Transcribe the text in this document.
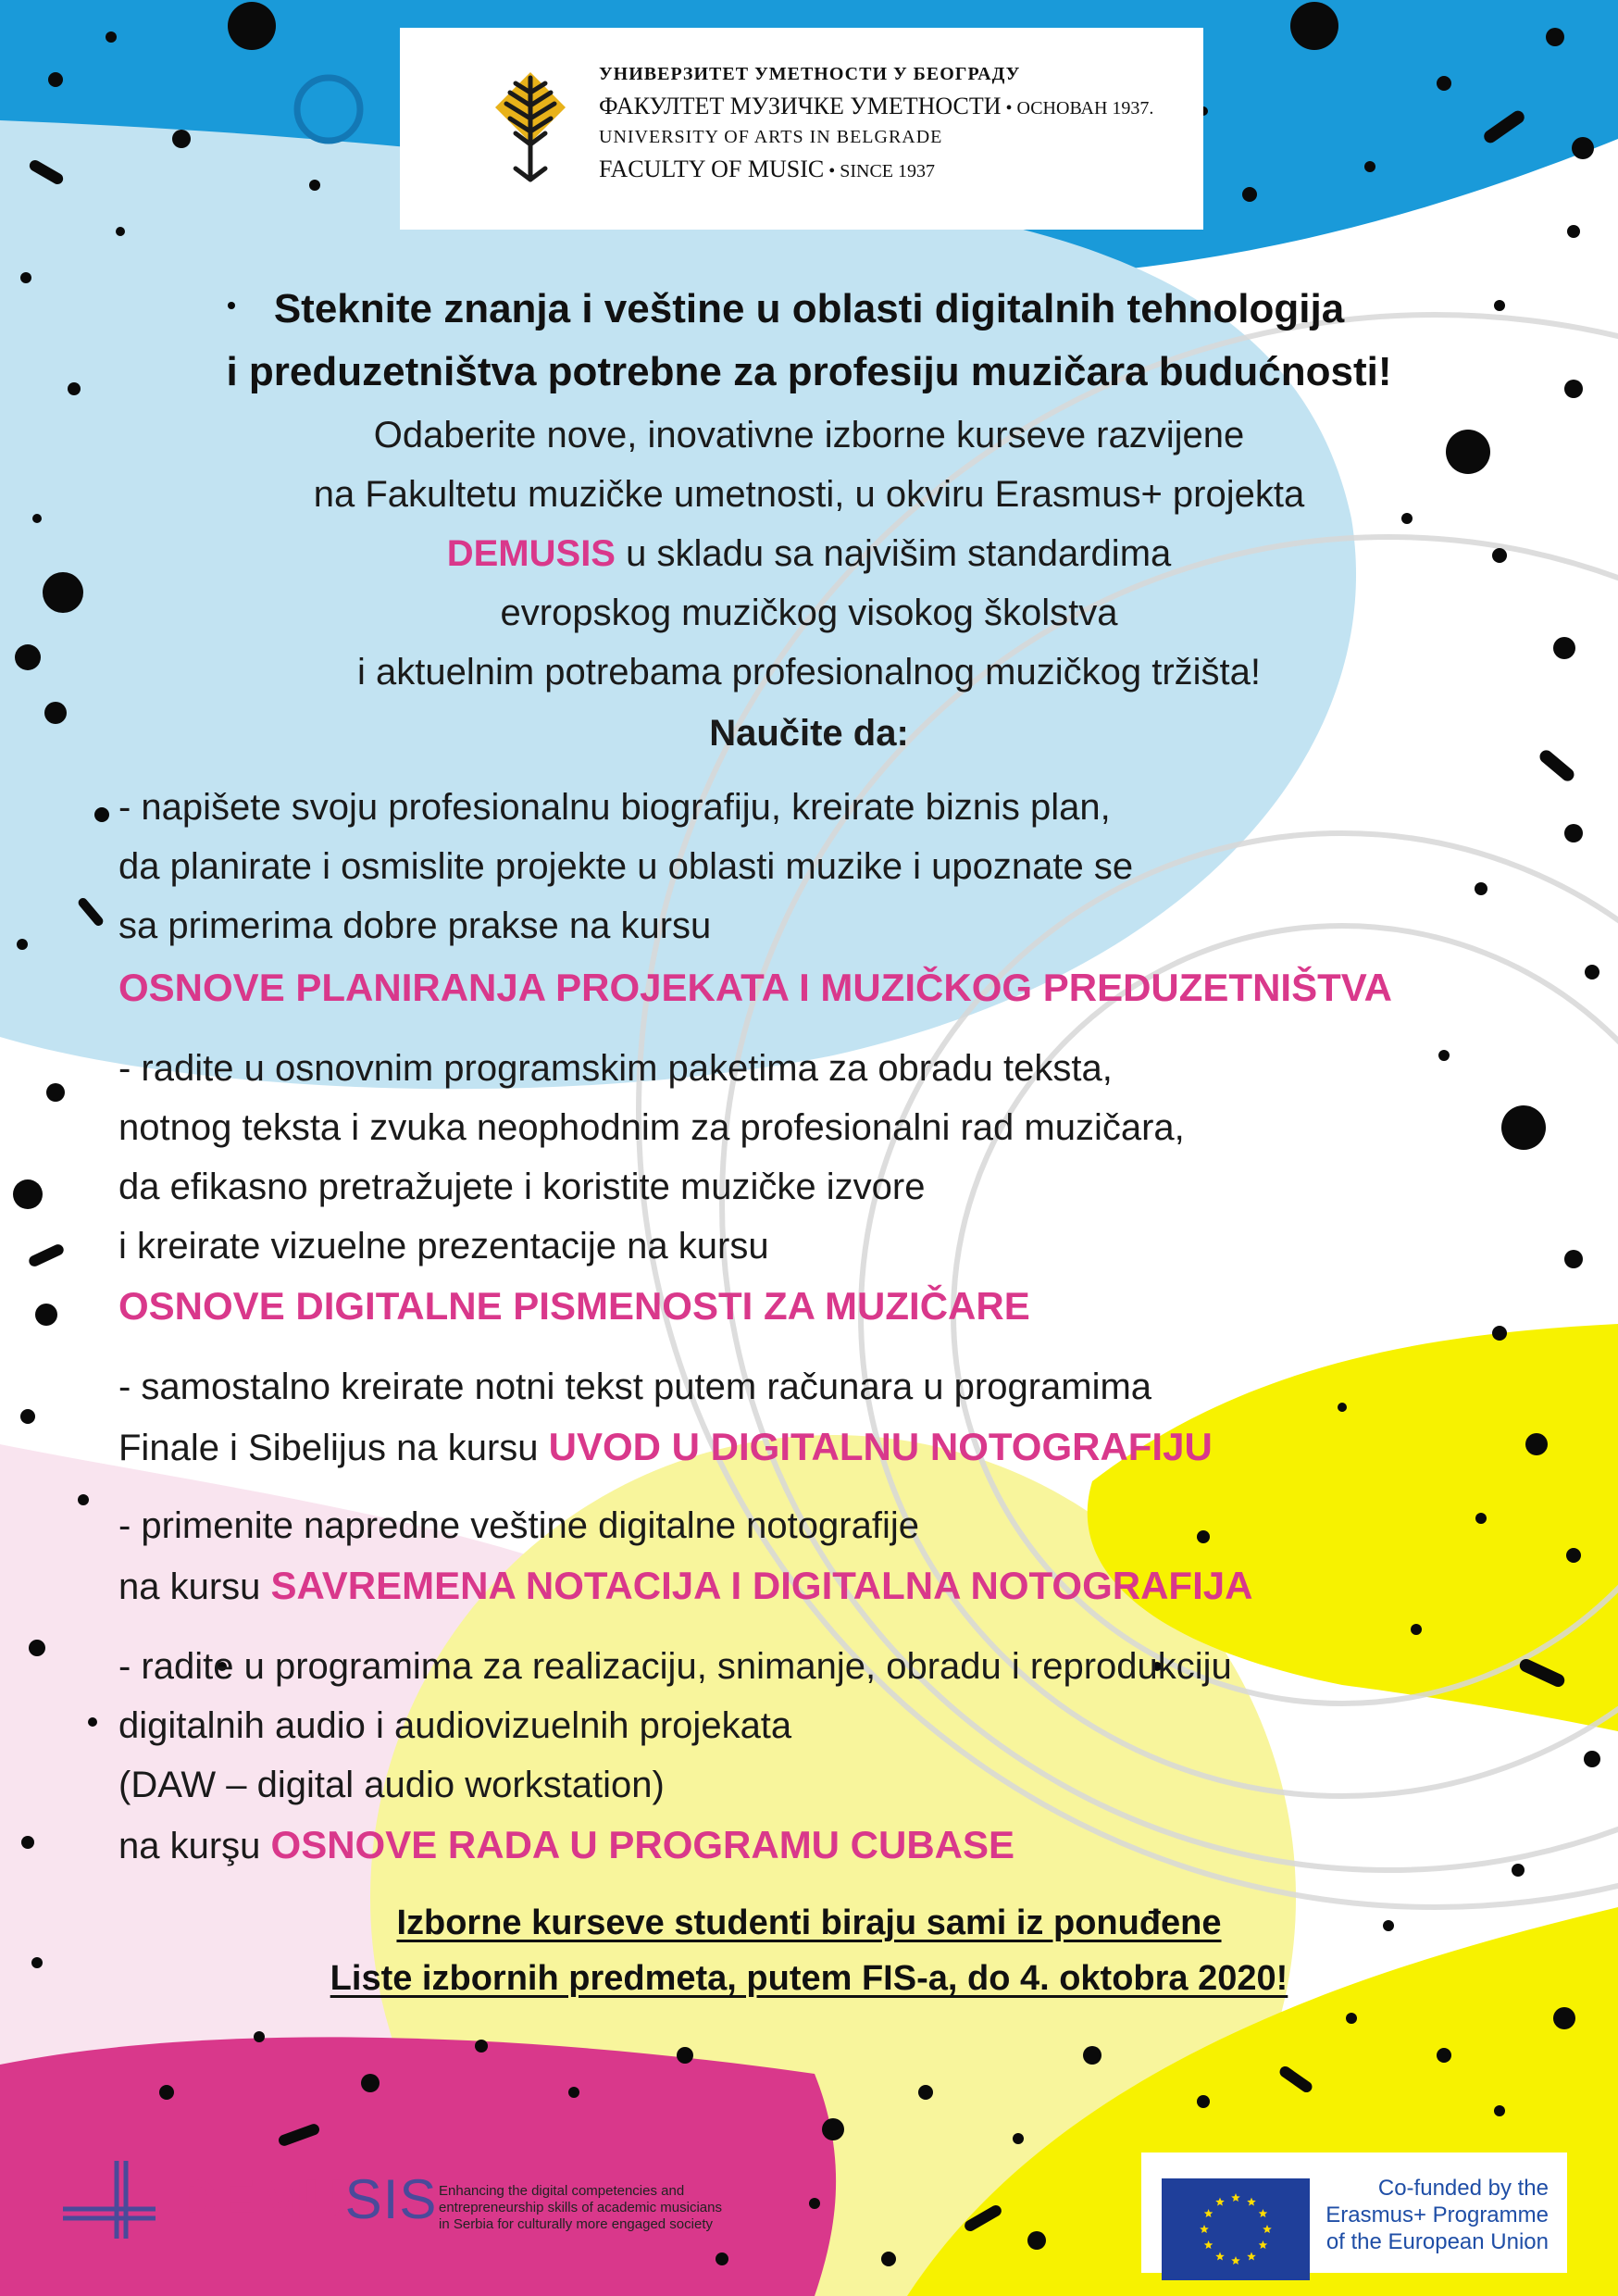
УНИВЕРЗИТЕТ УМЕТНОСТИ У БЕОГРАДУ
ФАКУЛТЕТ МУЗИЧКЕ УМЕТНОСТИ • ОСНОВАН 1937.
UNIVERSITY OF ARTS IN BELGRADE
FACULTY OF MUSIC • SINCE 1937
Steknite znanja i veštine u oblasti digitalnih tehnologija
i preduzetništva potrebne za profesiju muzičara budućnosti!
Odaberite nove, inovativne izborne kurseve razvijene
na Fakultetu muzičke umetnosti, u okviru Erasmus+ projekta
DEMUSIS u skladu sa najvišim standardima
evropskog muzičkog visokog školstva
i aktuelnim potrebama profesionalnog muzičkog tržišta!
Naučite da:
- napišete svoju profesionalnu biografiju, kreirate biznis plan,
da planirate i osmislite projekte u oblasti muzike i upoznate se
sa primerima dobre prakse na kursu
OSNOVE PLANIRANJA PROJEKATA I MUZIČKOG PREDUZETNIŠTVA
- radite u osnovnim programskim paketima za obradu teksta,
notnog teksta i zvuka neophodnim za profesionalni rad muzičara,
da efikasno pretražujete i koristite muzičke izvore
i kreirate vizuelne prezentacije na kursu
OSNOVE DIGITALNE PISMENOSTI ZA MUZIČARE
- samostalno kreirate notni tekst putem računara u programima
Finale i Sibelijus na kursu UVOD U DIGITALNU NOTOGRAFIJU
- primenite napredne veštine digitalne notografije
na kursu SAVREMENA NOTACIJA I DIGITALNA NOTOGRAFIJA
- radite u programima za realizaciju, snimanje, obradu i reprodukciju
digitalnih audio i audiovizuelnih projekata
(DAW – digital audio workstation)
na kurşu OSNOVE RADA U PROGRAMU CUBASE
Izborne kurseve studenti biraju sami iz ponuđene
Liste izbornih predmeta, putem FIS-a, do 4. oktobra 2020!
DEMUSIS Enhancing the digital competencies and
entrepreneurship skills of academic musicians
in Serbia for culturally more engaged society
Co-funded by the
Erasmus+ Programme
of the European Union
